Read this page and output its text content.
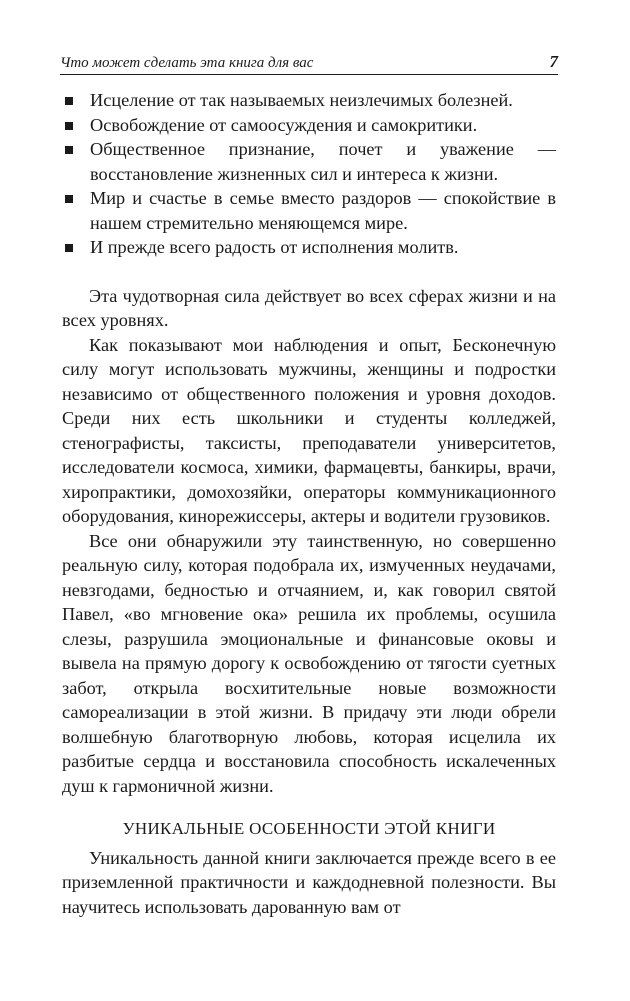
Что может сделать эта книга для вас	7
Исцеление от так называемых неизлечимых болезней.
Освобождение от самоосуждения и самокритики.
Общественное признание, почет и уважение — восстановление жизненных сил и интереса к жизни.
Мир и счастье в семье вместо раздоров — спокойствие в нашем стремительно меняющемся мире.
И прежде всего радость от исполнения молитв.

Эта чудотворная сила действует во всех сферах жизни и на всех уровнях.

Как показывают мои наблюдения и опыт, Бесконечную силу могут использовать мужчины, женщины и подростки независимо от общественного положения и уровня доходов. Среди них есть школьники и студенты колледжей, стенографисты, таксисты, преподаватели университетов, исследователи космоса, химики, фармацевты, банкиры, врачи, хиропрактики, домохозяйки, операторы коммуникационного оборудования, кинорежиссеры, актеры и водители грузовиков.

Все они обнаружили эту таинственную, но совершенно реальную силу, которая подобрала их, измученных неудачами, невзгодами, бедностью и отчаянием, и, как говорил святой Павел, «во мгновение ока» решила их проблемы, осушила слезы, разрушила эмоциональные и финансовые оковы и вывела на прямую дорогу к освобождению от тягости суетных забот, открыла восхитительные новые возможности самореализации в этой жизни. В придачу эти люди обрели волшебную благотворную любовь, которая исцелила их разбитые сердца и восстановила способность искалеченных душ к гармоничной жизни.

УНИКАЛЬНЫЕ ОСОБЕННОСТИ ЭТОЙ КНИГИ

Уникальность данной книги заключается прежде всего в ее приземленной практичности и каждодневной полезности. Вы научитесь использовать дарованную вам от
